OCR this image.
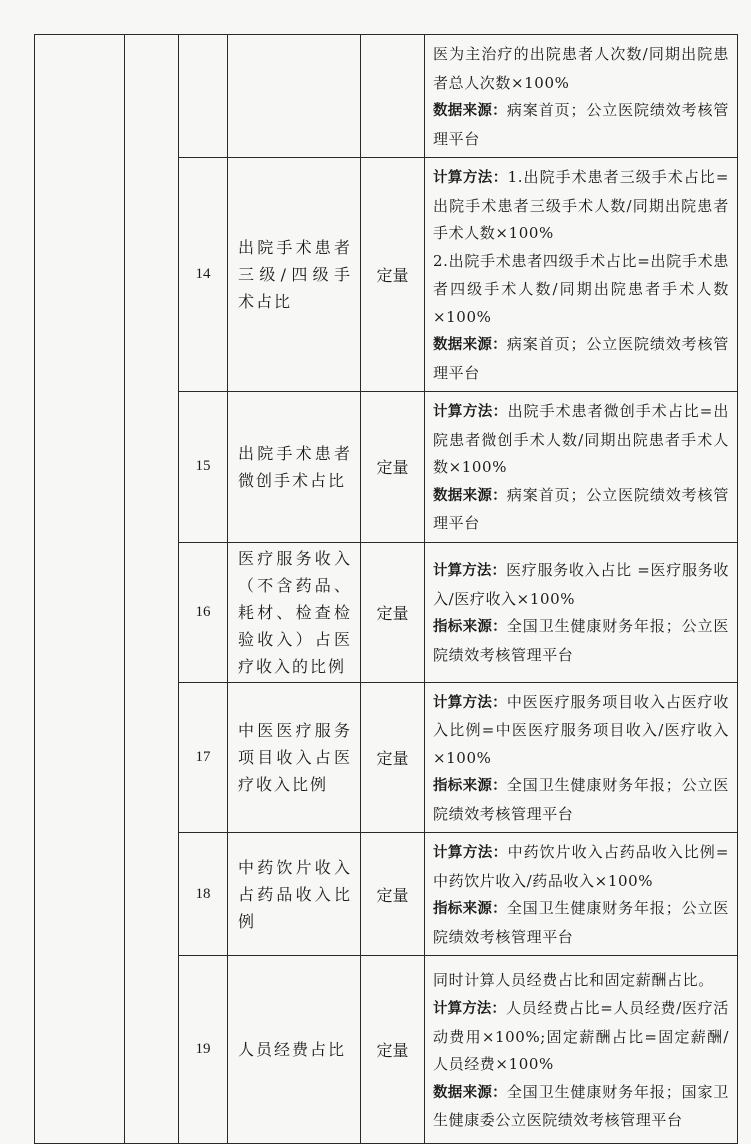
					医为主治疗的出院患者人次数/同期出院患者总人次数×100%

数据来源：病案首页；公立医院绩效考核管理平台

		14	出院手术患者三级/四级手术占比	定量	计算方法：1.出院手术患者三级手术占比=出院手术患者三级手术人数/同期出院患者手术人数×100%

2.出院手术患者四级手术占比=出院手术患者四级手术人数/同期出院患者手术人数×100%

数据来源：病案首页；公立医院绩效考核管理平台

		15	出院手术患者微创手术占比	定量	计算方法：出院手术患者微创手术占比=出院患者微创手术人数/同期出院患者手术人数×100%

数据来源：病案首页；公立医院绩效考核管理平台

		16	医疗服务收入（不含药品、耗材、检查检验收入）占医疗收入的比例	定量	计算方法：医疗服务收入占比 =医疗服务收入/医疗收入×100%

指标来源：全国卫生健康财务年报；公立医院绩效考核管理平台

		17	中医医疗服务项目收入占医疗收入比例	定量	计算方法：中医医疗服务项目收入占医疗收入比例=中医医疗服务项目收入/医疗收入×100%

指标来源：全国卫生健康财务年报；公立医院绩效考核管理平台

		18	中药饮片收入占药品收入比例	定量	计算方法：中药饮片收入占药品收入比例=中药饮片收入/药品收入×100%

指标来源：全国卫生健康财务年报；公立医院绩效考核管理平台

		19	人员经费占比	定量	同时计算人员经费占比和固定薪酬占比。

计算方法：人员经费占比=人员经费/医疗活动费用×100%;固定薪酬占比=固定薪酬/人员经费×100%

数据来源：全国卫生健康财务年报；国家卫生健康委公立医院绩效考核管理平台
